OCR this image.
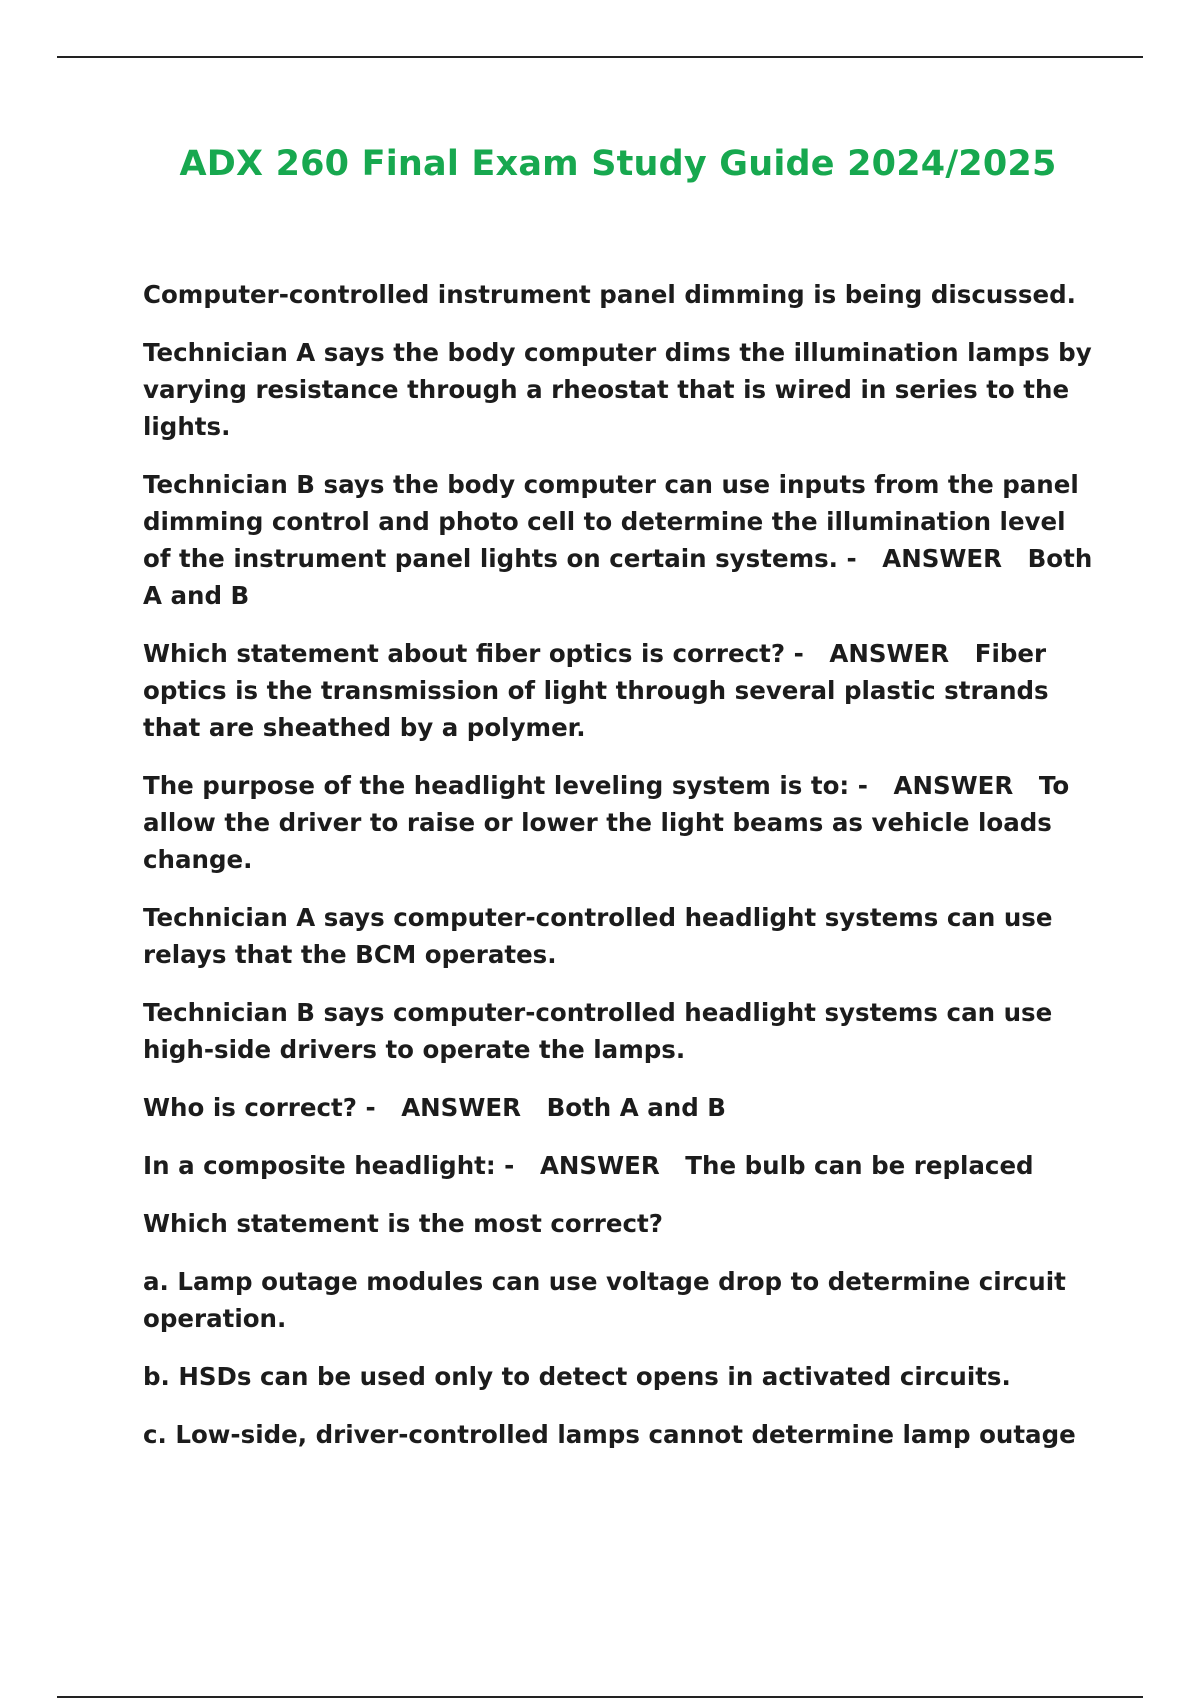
ADX 260 Final Exam Study Guide 2024/2025

Computer-controlled instrument panel dimming is being discussed.

Technician A says the body computer dims the illumination lamps by varying resistance through a rheostat that is wired in series to the lights.

Technician B says the body computer can use inputs from the panel dimming control and photo cell to determine the illumination level of the instrument panel lights on certain systems. -   ANSWER Both A and B

Which statement about fiber optics is correct? -   ANSWER Fiber optics is the transmission of light through several plastic strands that are sheathed by a polymer.

The purpose of the headlight leveling system is to: -   ANSWER To allow the driver to raise or lower the light beams as vehicle loads change.

Technician A says computer-controlled headlight systems can use relays that the BCM operates.

Technician B says computer-controlled headlight systems can use high-side drivers to operate the lamps.

Who is correct? -   ANSWER Both A and B

In a composite headlight: -   ANSWER The bulb can be replaced

Which statement is the most correct?

a. Lamp outage modules can use voltage drop to determine circuit operation.

b. HSDs can be used only to detect opens in activated circuits.

c. Low-side, driver-controlled lamps cannot determine lamp outage
